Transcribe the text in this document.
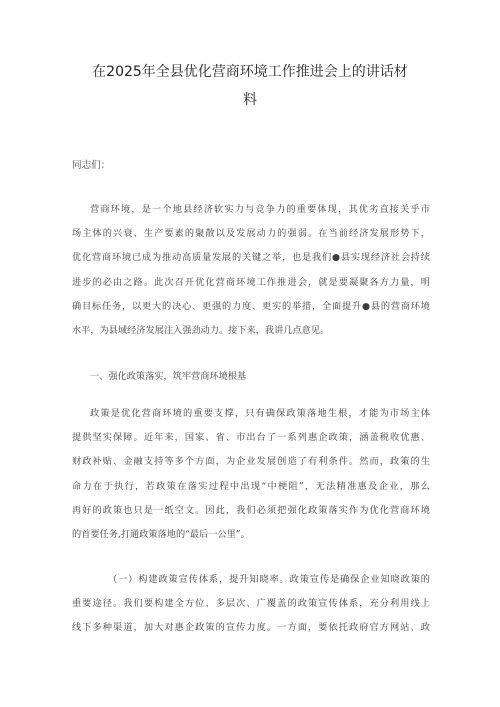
在2025年全县优化营商环境工作推进会上的讲话材
料
同志们：
营商环境，是一个地县经济软实力与竞争力的重要体现，其优劣直接关乎市
场主体的兴衰、生产要素的聚散以及发展动力的强弱。在当前经济发展形势下，
优化营商环境已成为推动高质量发展的关键之举，也是我们●县实现经济社会持续
进步的必由之路。此次召开优化营商环境工作推进会，就是要凝聚各方力量，明
确目标任务，以更大的决心、更强的力度、更实的举措，全面提升●县的营商环境
水平，为县域经济发展注入强劲动力。接下来，我讲几点意见。
一、强化政策落实，筑牢营商环境根基
政策是优化营商环境的重要支撑，只有确保政策落地生根，才能为市场主体
提供坚实保障。近年来，国家、省、市出台了一系列惠企政策，涵盖税收优惠、
财政补贴、金融支持等多个方面，为企业发展创造了有利条件。然而，政策的生
命力在于执行，若政策在落实过程中出现“中梗阻”，无法精准惠及企业，那么
再好的政策也只是一纸空文。因此，我们必须把强化政策落实作为优化营商环境
的首要任务,打通政策落地的“最后一公里”。
（一）构建政策宣传体系，提升知晓率。政策宣传是确保企业知晓政策的
重要途径。我们要构建全方位、多层次、广覆盖的政策宣传体系，充分利用线上
线下多种渠道，加大对惠企政策的宣传力度。一方面，要依托政府官方网站、政
